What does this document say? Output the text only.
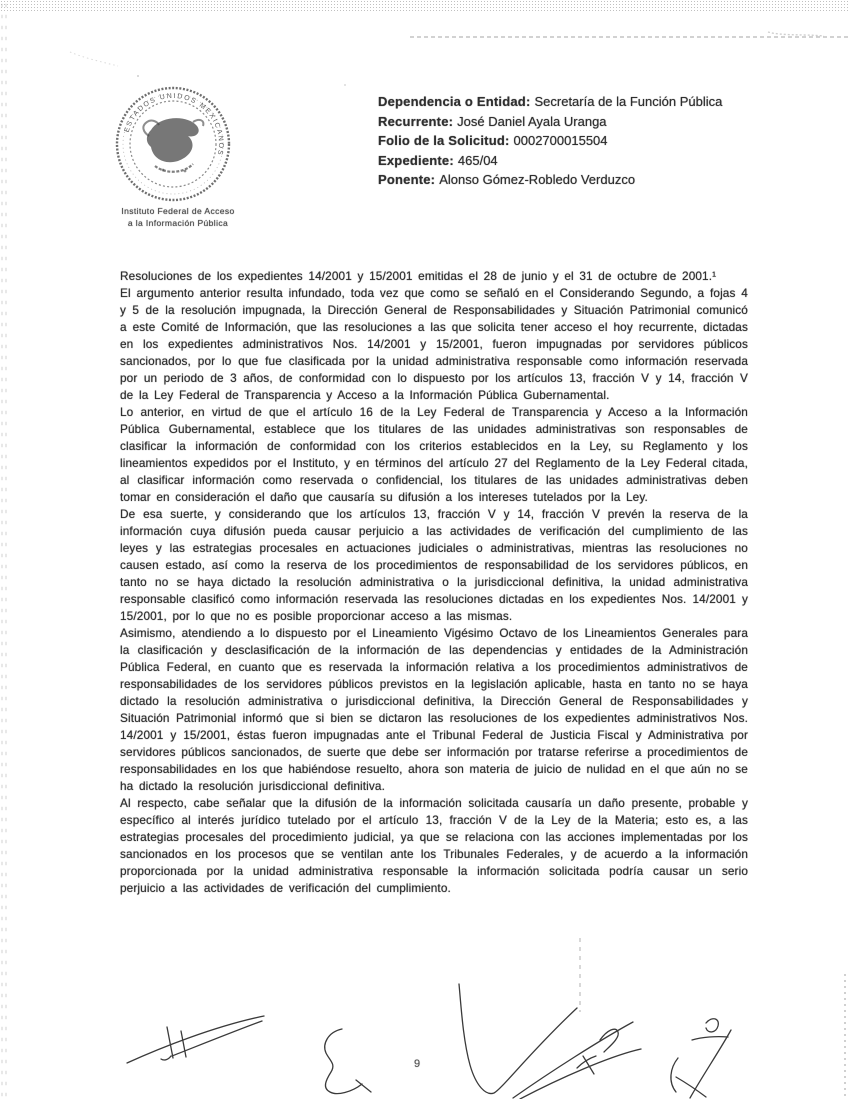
ESTADOS UNIDOS MEXICANOS
Instituto Federal de Acceso
a la Información Pública
Dependencia o Entidad: Secretaría de la Función Pública
Recurrente: José Daniel Ayala Uranga
Folio de la Solicitud: 0002700015504
Expediente: 465/04
Ponente: Alonso Gómez-Robledo Verduzco

Resoluciones de los expedientes 14/2001 y 15/2001 emitidas el 28 de junio y el 31 de octubre de 2001.¹

El argumento anterior resulta infundado, toda vez que como se señaló en el Considerando Segundo, a fojas 4 y 5 de la resolución impugnada, la Dirección General de Responsabilidades y Situación Patrimonial comunicó a este Comité de Información, que las resoluciones a las que solicita tener acceso el hoy recurrente, dictadas en los expedientes administrativos Nos. 14/2001 y 15/2001, fueron impugnadas por servidores públicos sancionados, por lo que fue clasificada por la unidad administrativa responsable como información reservada por un periodo de 3 años, de conformidad con lo dispuesto por los artículos 13, fracción V y 14, fracción V de la Ley Federal de Transparencia y Acceso a la Información Pública Gubernamental.

Lo anterior, en virtud de que el artículo 16 de la Ley Federal de Transparencia y Acceso a la Información Pública Gubernamental, establece que los titulares de las unidades administrativas son responsables de clasificar la información de conformidad con los criterios establecidos en la Ley, su Reglamento y los lineamientos expedidos por el Instituto, y en términos del artículo 27 del Reglamento de la Ley Federal citada, al clasificar información como reservada o confidencial, los titulares de las unidades administrativas deben tomar en consideración el daño que causaría su difusión a los intereses tutelados por la Ley.

De esa suerte, y considerando que los artículos 13, fracción V y 14, fracción V prevén la reserva de la información cuya difusión pueda causar perjuicio a las actividades de verificación del cumplimiento de las leyes y las estrategias procesales en actuaciones judiciales o administrativas, mientras las resoluciones no causen estado, así como la reserva de los procedimientos de responsabilidad de los servidores públicos, en tanto no se haya dictado la resolución administrativa o la jurisdiccional definitiva, la unidad administrativa responsable clasificó como información reservada las resoluciones dictadas en los expedientes Nos. 14/2001 y 15/2001, por lo que no es posible proporcionar acceso a las mismas.

Asimismo, atendiendo a lo dispuesto por el Lineamiento Vigésimo Octavo de los Lineamientos Generales para la clasificación y desclasificación de la información de las dependencias y entidades de la Administración Pública Federal, en cuanto que es reservada la información relativa a los procedimientos administrativos de responsabilidades de los servidores públicos previstos en la legislación aplicable, hasta en tanto no se haya dictado la resolución administrativa o jurisdiccional definitiva, la Dirección General de Responsabilidades y Situación Patrimonial informó que si bien se dictaron las resoluciones de los expedientes administrativos Nos. 14/2001 y 15/2001, éstas fueron impugnadas ante el Tribunal Federal de Justicia Fiscal y Administrativa por servidores públicos sancionados, de suerte que debe ser información por tratarse referirse a procedimientos de responsabilidades en los que habiéndose resuelto, ahora son materia de juicio de nulidad en el que aún no se ha dictado la resolución jurisdiccional definitiva.

Al respecto, cabe señalar que la difusión de la información solicitada causaría un daño presente, probable y específico al interés jurídico tutelado por el artículo 13, fracción V de la Ley de la Materia; esto es, a las estrategias procesales del procedimiento judicial, ya que se relaciona con las acciones implementadas por los sancionados en los procesos que se ventilan ante los Tribunales Federales, y de acuerdo a la información proporcionada por la unidad administrativa responsable la información solicitada podría causar un serio perjuicio a las actividades de verificación del cumplimiento.

9
